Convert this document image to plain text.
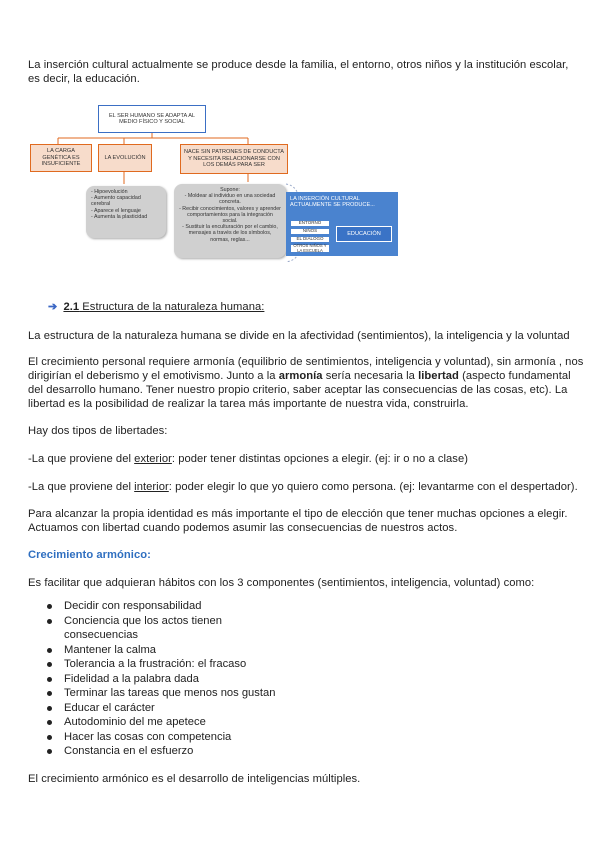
La inserción cultural actualmente se produce desde la familia, el entorno, otros niños y la institución escolar,
es decir, la educación.
EL SER HUMANO SE ADAPTA AL MEDIO FÍSICO Y SOCIAL
LA CARGA GENÉTICA ES INSUFICIENTE
LA EVOLUCIÓN
NACE SIN PATRONES DE CONDUCTA Y NECESITA RELACIONARSE CON LOS DEMÁS PARA SER
- Hipoevolución
- Aumento capacidad cerebral
- Aparece el lenguaje
- Aumenta la plasticidad
Supone:
- Moldear al individuo en una sociedad concreta.
- Recibir conocimientos, valores y aprender comportamientos para la integración social.
- Sustituir la enculturación por el cambio, mensajes a través de los símbolos, normas, reglas...
LA INSERCIÓN CULTURAL ACTUALMENTE SE PRODUCE...
ENTORNO
NIÑOS
EL DIÁLOGO
OTROS NIÑOS Y LA ESCUELA
EDUCACIÓN
➔ 2.1 Estructura de la naturaleza humana:
La estructura de la naturaleza humana se divide en la afectividad (sentimientos), la inteligencia y la voluntad
El crecimiento personal requiere armonía (equilibrio de sentimientos, inteligencia y voluntad), sin armonía , nos
dirigirían el deberismo y el emotivismo. Junto a la armonía sería necesaria la libertad (aspecto fundamental
del desarrollo humano. Tener nuestro propio criterio, saber aceptar las consecuencias de las cosas, etc). La
libertad es la posibilidad de realizar la tarea más importante de nuestra vida, construirla.
Hay dos tipos de libertades:
-La que proviene del exterior: poder tener distintas opciones a elegir. (ej: ir o no a clase)
-La que proviene del interior: poder elegir lo que yo quiero como persona. (ej: levantarme con el despertador).
Para alcanzar la propia identidad es más importante el tipo de elección que tener muchas opciones a elegir.
Actuamos con libertad cuando podemos asumir las consecuencias de nuestros actos.
Crecimiento armónico:
Es facilitar que adquieran hábitos con los 3 componentes (sentimientos, inteligencia, voluntad) como:
Decidir con responsabilidad
Conciencia que los actos tienen
consecuencias
Mantener la calma
Tolerancia a la frustración: el fracaso
Fidelidad a la palabra dada
Terminar las tareas que menos nos gustan
Educar el carácter
Autodominio del me apetece
Hacer las cosas con competencia
Constancia en el esfuerzo
El crecimiento armónico es el desarrollo de inteligencias múltiples.
